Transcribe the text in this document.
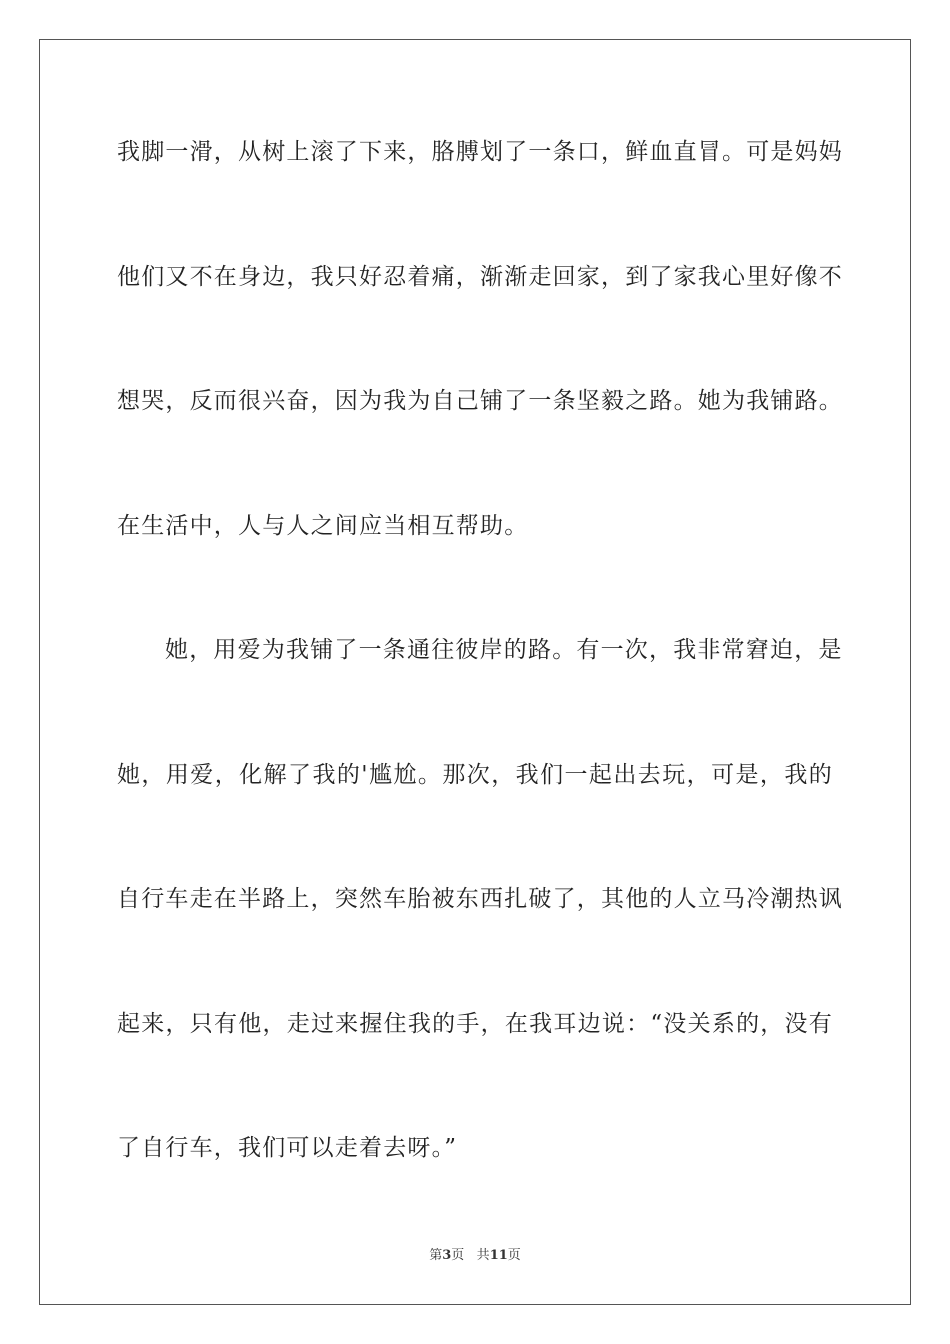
我脚一滑，从树上滚了下来，胳膊划了一条口，鲜血直冒。可是妈妈
他们又不在身边，我只好忍着痛，渐渐走回家，到了家我心里好像不
想哭，反而很兴奋，因为我为自己铺了一条坚毅之路。她为我铺路。
在生活中，人与人之间应当相互帮助。
她，用爱为我铺了一条通往彼岸的路。有一次，我非常窘迫，是
她，用爱，化解了我的'尴尬。那次，我们一起出去玩，可是，我的
自行车走在半路上，突然车胎被东西扎破了，其他的人立马冷潮热讽
起来，只有他，走过来握住我的手，在我耳边说：“没关系的，没有
了自行车，我们可以走着去呀。”
第3页 共11页
